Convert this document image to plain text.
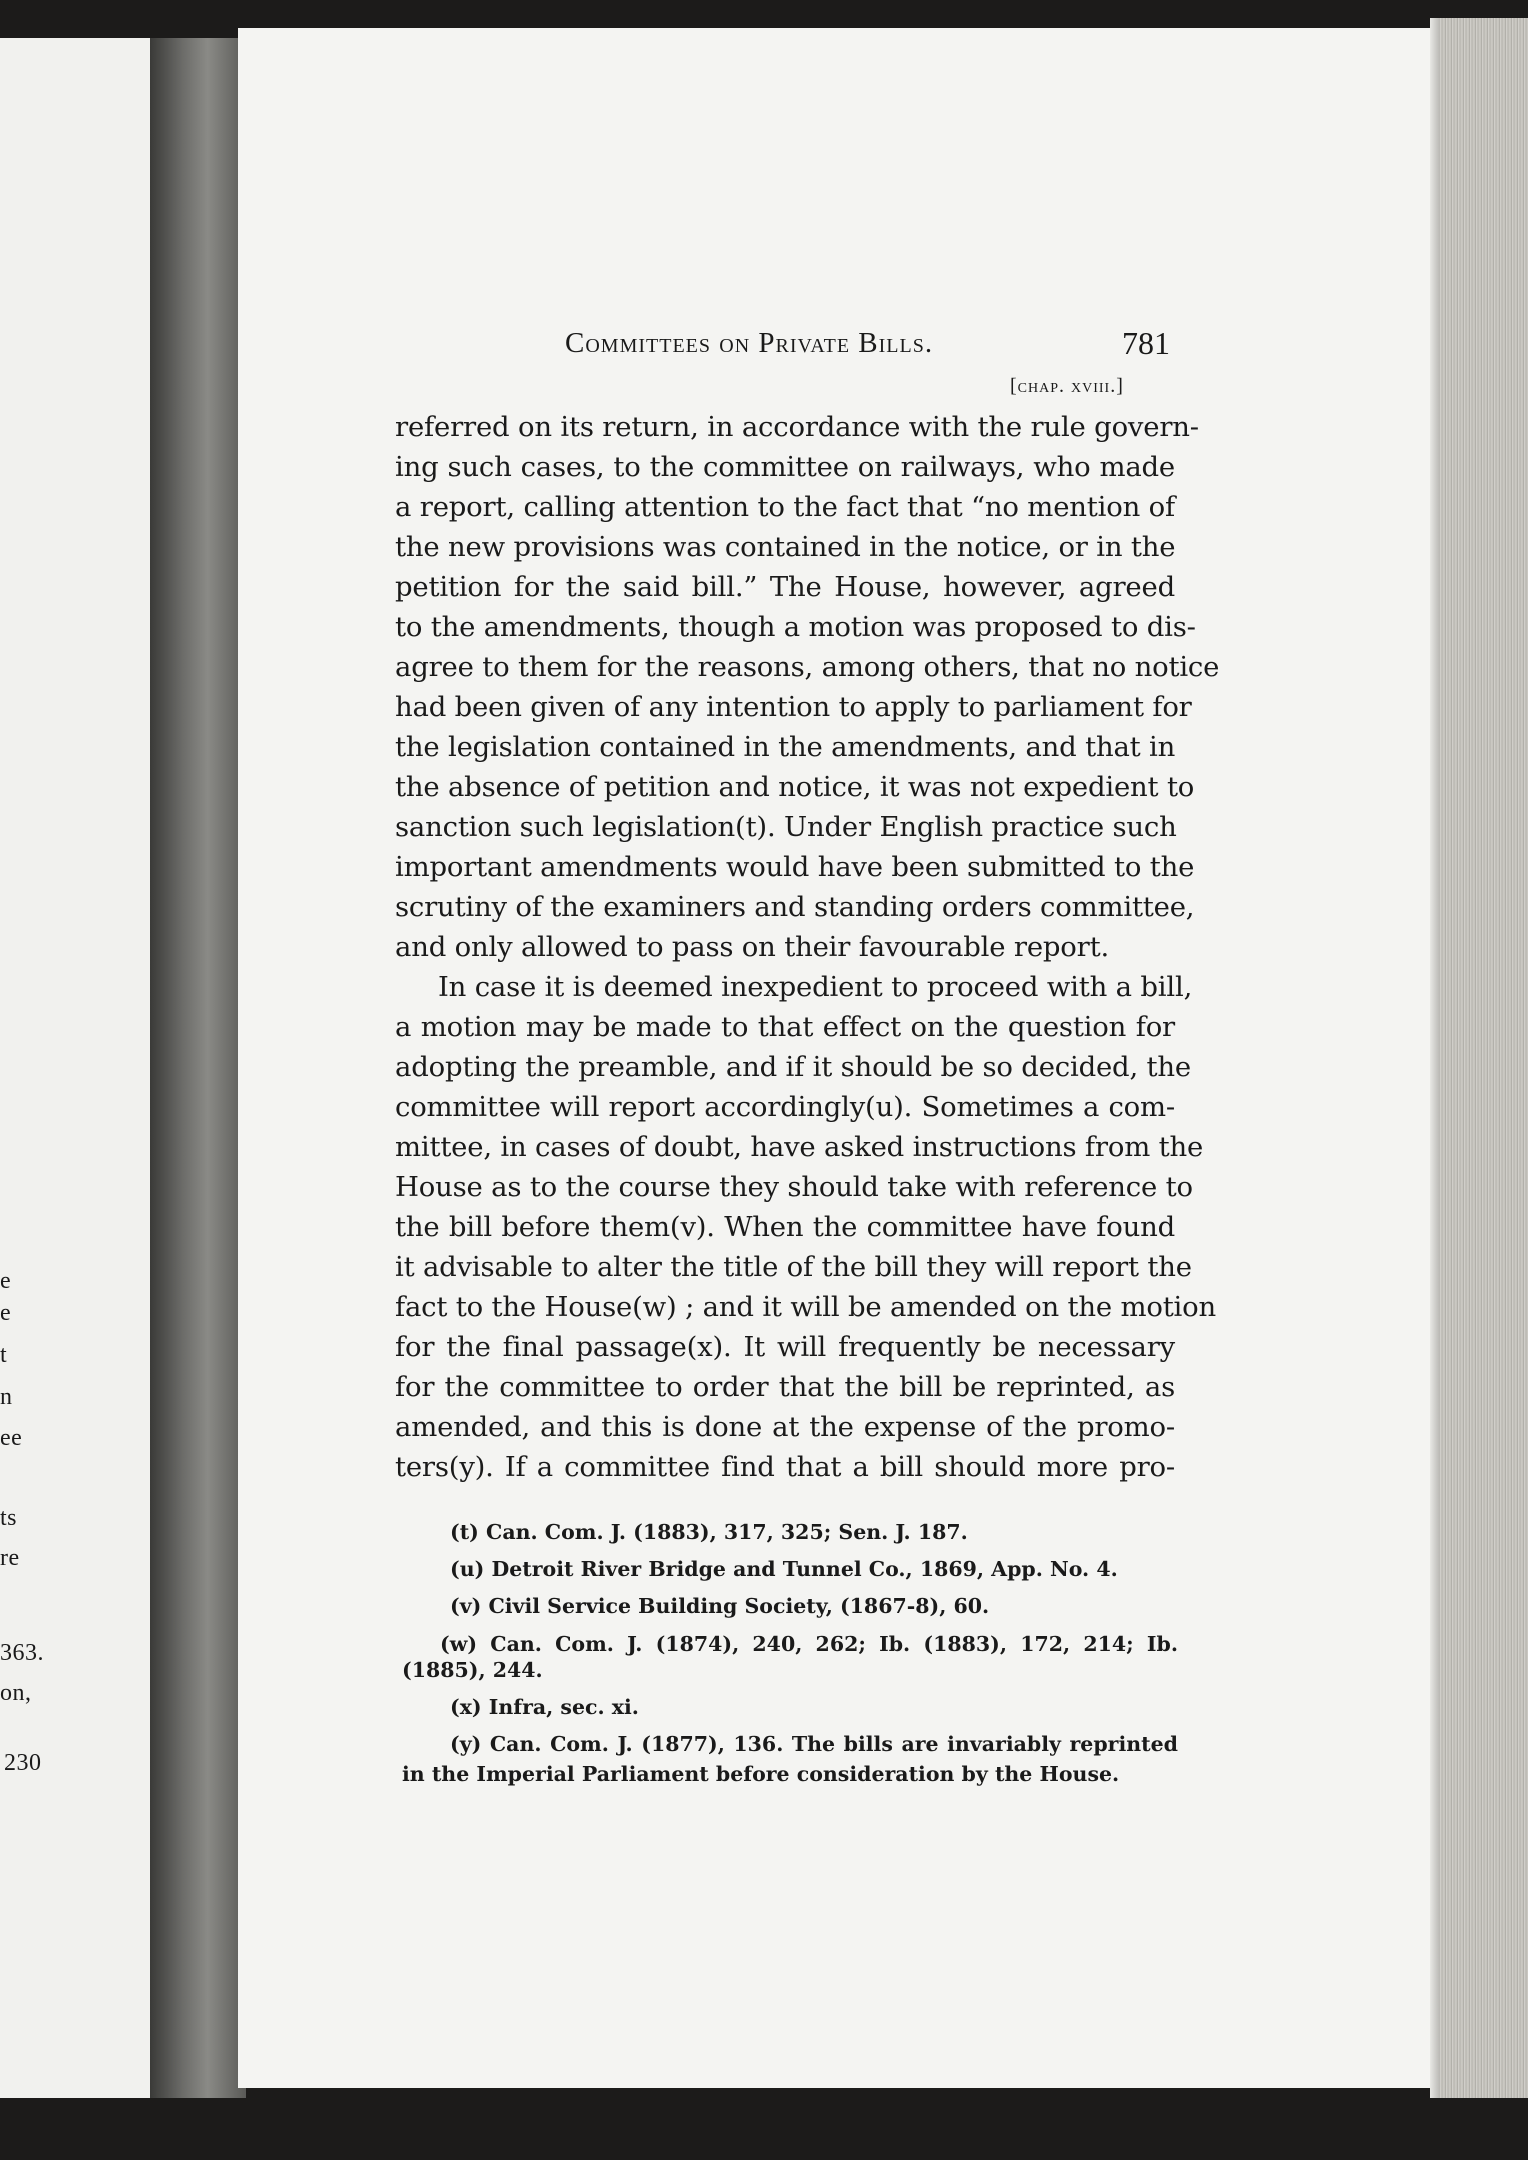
e
e
t
n
ee
ts
re
363.
on,
230
Committees on Private Bills.	781
[chap. xviii.]
referred on its return, in accordance with the rule govern-
ing such cases, to the committee on railways, who made
a report, calling attention to the fact that “no mention of
the new provisions was contained in the notice, or in the
petition for the said bill.” The House, however, agreed
to the amendments, though a motion was proposed to dis-
agree to them for the reasons, among others, that no notice
had been given of any intention to apply to parliament for
the legislation contained in the amendments, and that in
the absence of petition and notice, it was not expedient to
sanction such legislation(t). Under English practice such
important amendments would have been submitted to the
scrutiny of the examiners and standing orders committee,
and only allowed to pass on their favourable report.
In case it is deemed inexpedient to proceed with a bill,
a motion may be made to that effect on the question for
adopting the preamble, and if it should be so decided, the
committee will report accordingly(u). Sometimes a com-
mittee, in cases of doubt, have asked instructions from the
House as to the course they should take with reference to
the bill before them(v). When the committee have found
it advisable to alter the title of the bill they will report the
fact to the House(w) ; and it will be amended on the motion
for the final passage(x). It will frequently be necessary
for the committee to order that the bill be reprinted, as
amended, and this is done at the expense of the promo-
ters(y). If a committee find that a bill should more pro-
(t) Can. Com. J. (1883), 317, 325; Sen. J. 187.
(u) Detroit River Bridge and Tunnel Co., 1869, App. No. 4.
(v) Civil Service Building Society, (1867-8), 60.
(w) Can. Com. J. (1874), 240, 262; Ib. (1883), 172, 214; Ib.
(1885), 244.
(x) Infra, sec. xi.
(y) Can. Com. J. (1877), 136. The bills are invariably reprinted
in the Imperial Parliament before consideration by the House.
